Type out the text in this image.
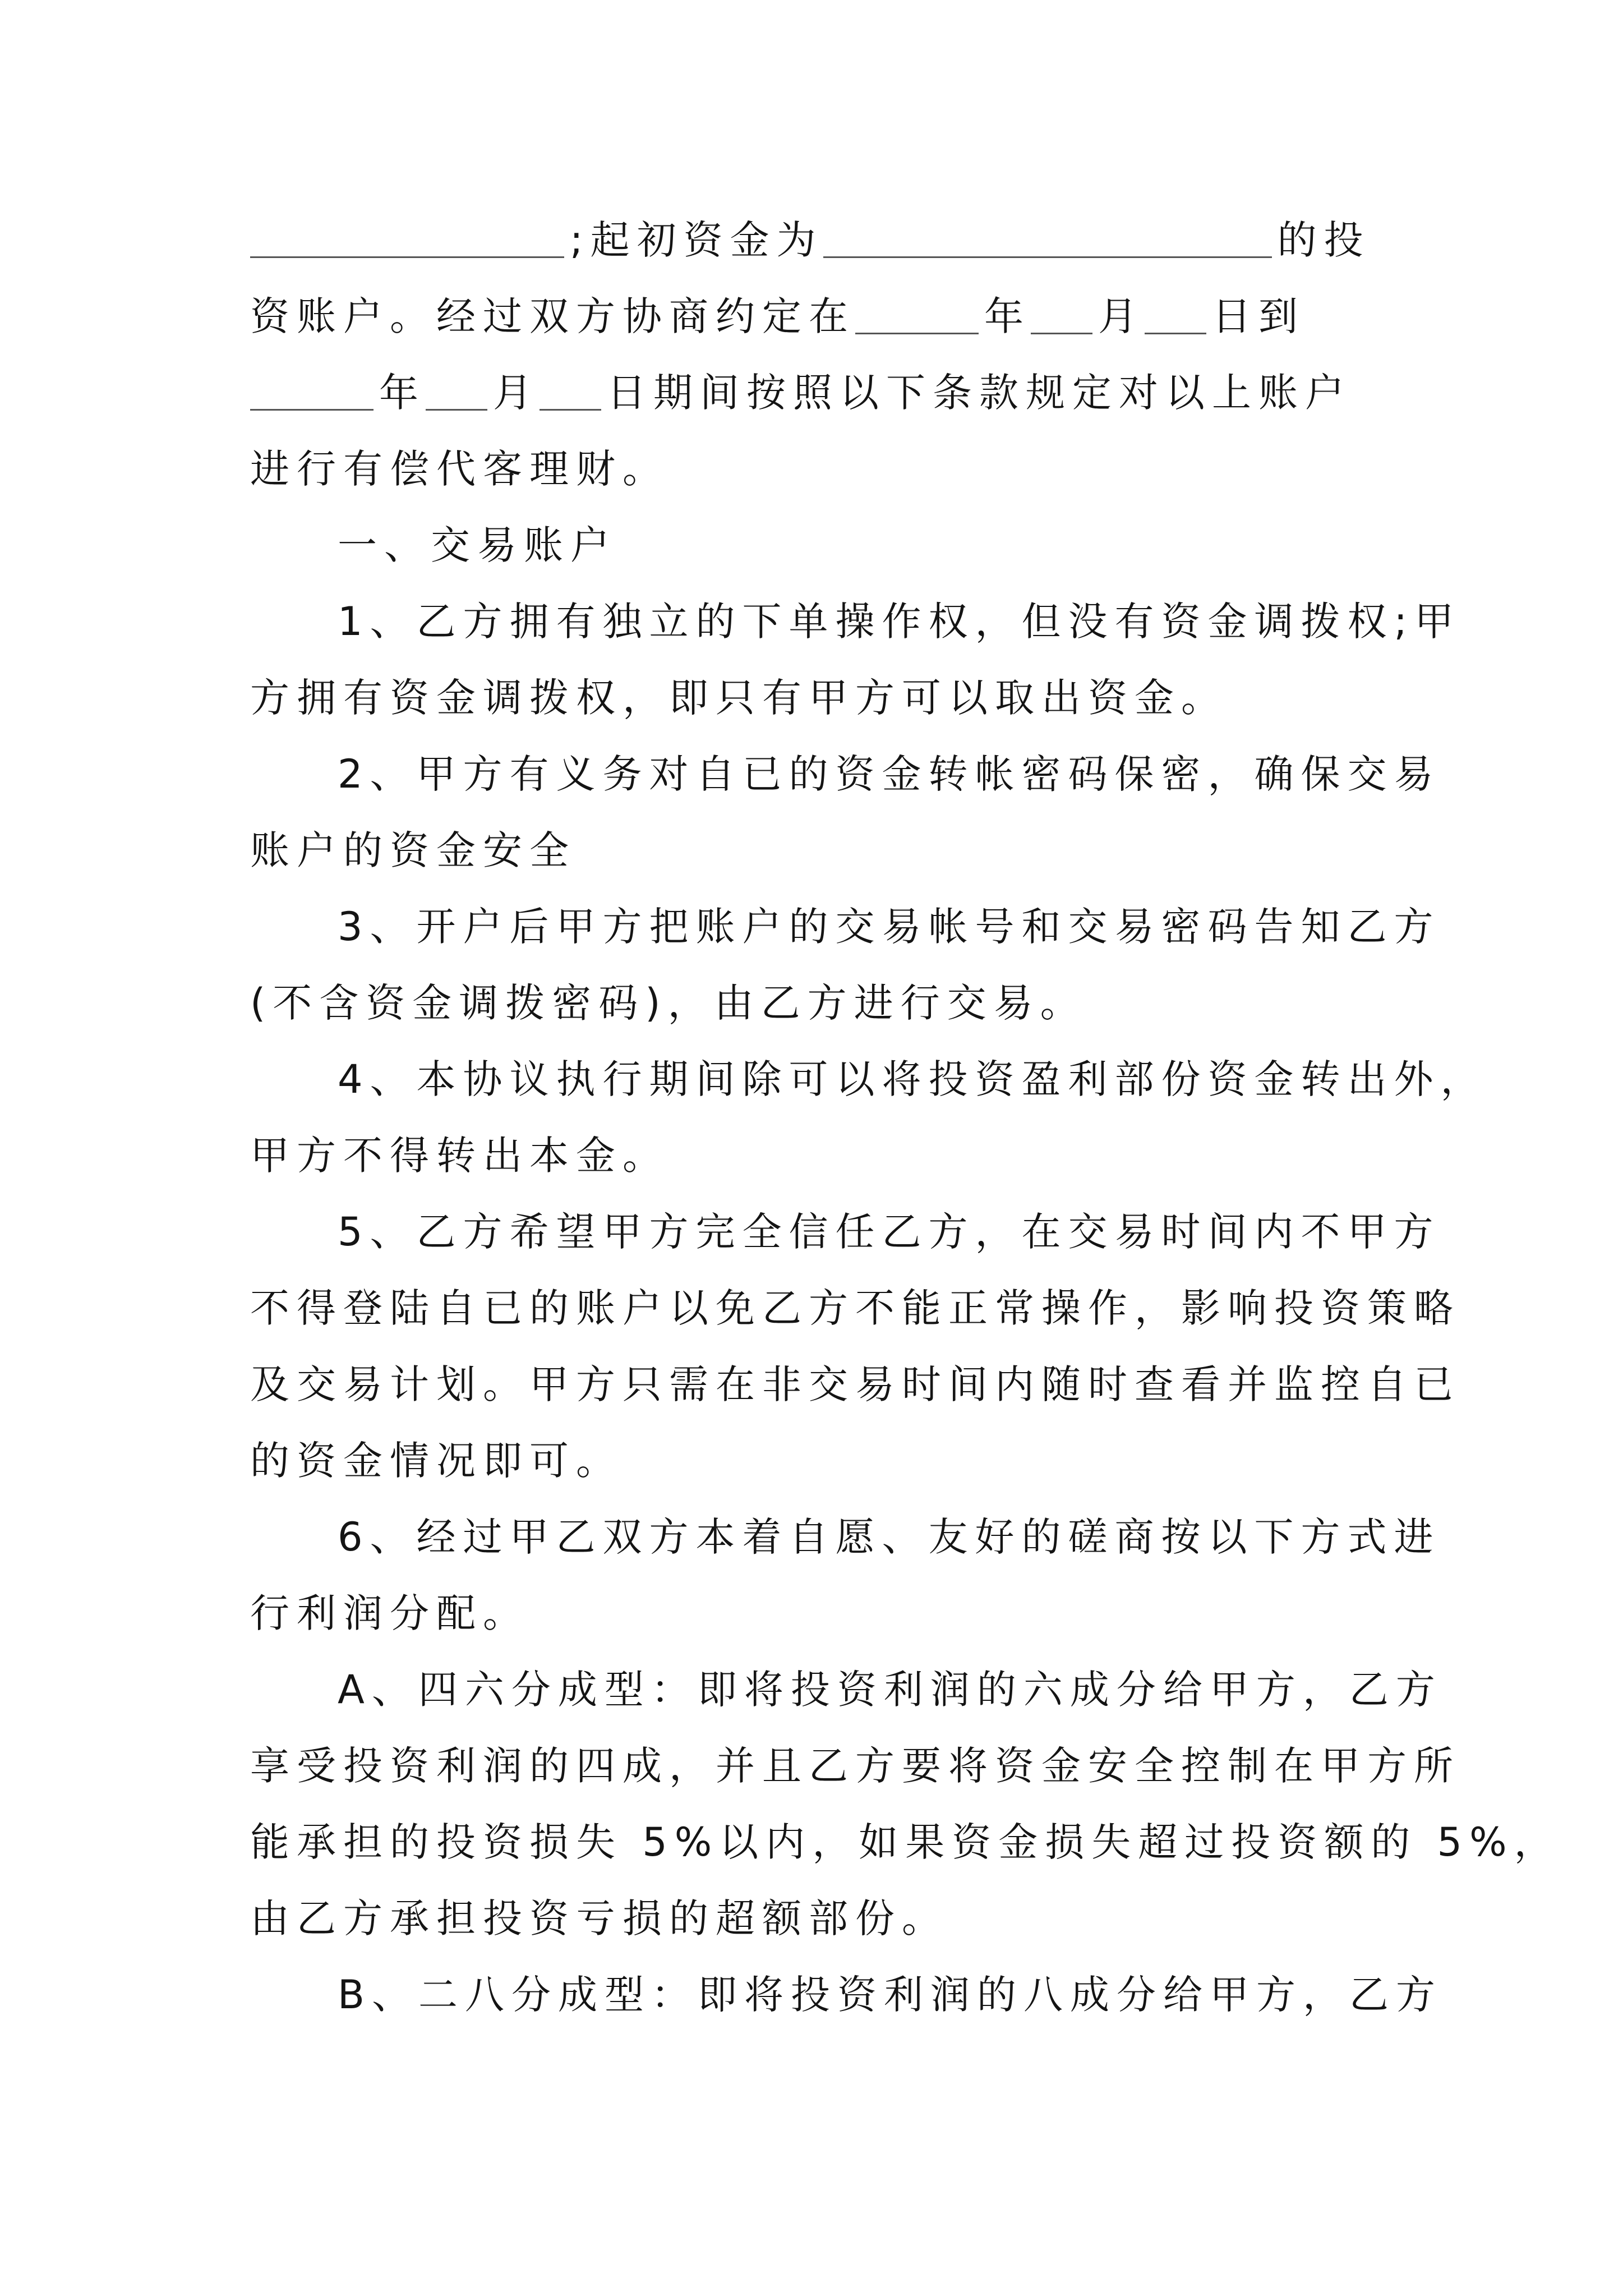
;起初资金为	的投
资账户。经过双方协商约定在	年 月 日到
年 月 日期间按照以下条款规定对以上账户
进行有偿代客理财。
一、交易账户
1、乙方拥有独立的下单操作权，但没有资金调拨权;甲
方拥有资金调拨权，即只有甲方可以取出资金。
2、甲方有义务对自已的资金转帐密码保密，确保交易
账户的资金安全
3、开户后甲方把账户的交易帐号和交易密码告知乙方
(不含资金调拨密码)，由乙方进行交易。
4、本协议执行期间除可以将投资盈利部份资金转出外，
甲方不得转出本金。
5、乙方希望甲方完全信任乙方，在交易时间内不甲方
不得登陆自已的账户以免乙方不能正常操作，影响投资策略
及交易计划。甲方只需在非交易时间内随时查看并监控自已
的资金情况即可。
6、经过甲乙双方本着自愿、友好的磋商按以下方式进
行利润分配。
A、四六分成型：即将投资利润的六成分给甲方，乙方
享受投资利润的四成，并且乙方要将资金安全控制在甲方所
能承担的投资损失 5%以内，如果资金损失超过投资额的 5%，
由乙方承担投资亏损的超额部份。
B、二八分成型：即将投资利润的八成分给甲方，乙方
